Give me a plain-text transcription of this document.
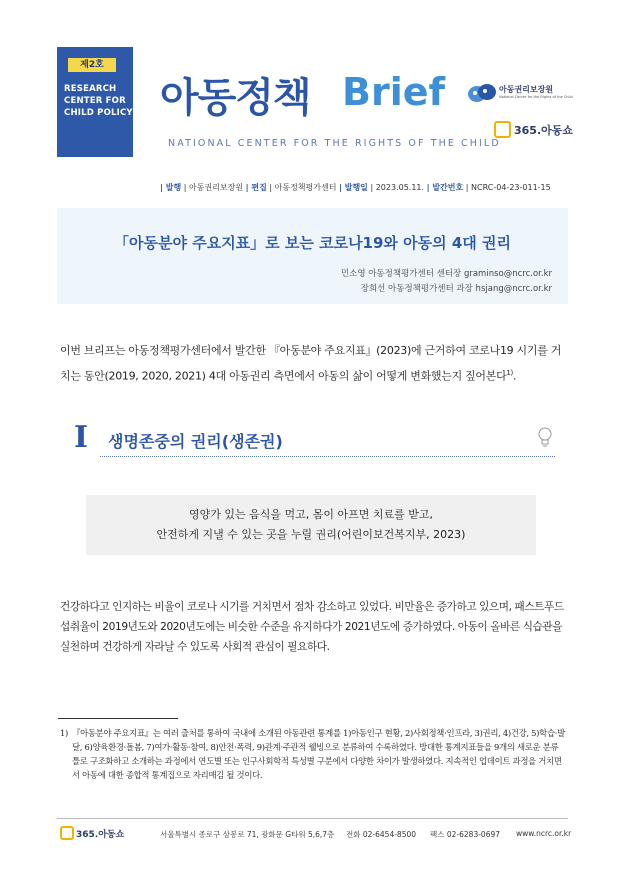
제2호
RESEARCH
CENTER FOR
CHILD POLICY 아동정책 Brief
NATIONAL CENTER FOR THE RIGHTS OF THE CHILD
아동권리보장원
National Center for the Rights of the Child
365.아동쇼
| 발행 | 아동권리보장원 | 편집 | 아동정책평가센터 | 발행일 | 2023.05.11. | 발간번호 | NCRC-04-23-011-15
「아동분야 주요지표」로 보는 코로나19와 아동의 4대 권리
민소영 아동정책평가센터 센터장 graminso@ncrc.or.kr
장희선 아동정책평가센터 과장 hsjang@ncrc.or.kr
이번 브리프는 아동정책평가센터에서 발간한 『아동분야 주요지표』(2023)에 근거하여 코로나19 시기를 거치는 동안(2019, 2020, 2021) 4대 아동권리 측면에서 아동의 삶이 어떻게 변화했는지 짚어본다$^{1)}$.
I 생명존중의 권리(생존권)
영양가 있는 음식을 먹고, 몸이 아프면 치료를 받고,
안전하게 지낼 수 있는 곳을 누릴 권리(어린이보건복지부, 2023)
건강하다고 인지하는 비율이 코로나 시기를 거치면서 점차 감소하고 있었다. 비만율은 증가하고 있으며, 패스트푸드 섭취율이 2019년도와 2020년도에는 비슷한 수준을 유지하다가 2021년도에 증가하였다. 아동이 올바른 식습관을 실천하며 건강하게 자라날 수 있도록 사회적 관심이 필요하다.
1) 『아동분야 주요지표』는 여러 출처를 통하여 국내에 소개된 아동관련 통계를 1)아동인구 현황, 2)사회정책·인프라, 3)권리, 4)건강, 5)학습·발달, 6)양육환경·돌봄, 7)여가·활동·참여, 8)안전·폭력, 9)관계·주관적 웰빙으로 분류하여 수록하였다. 방대한 통계지표들을 9개의 새로운 분류틀로 구조화하고 소개하는 과정에서 연도별 또는 인구사회학적 특성별 구분에서 다양한 차이가 발생하였다. 지속적인 업데이트 과정을 거치면서 아동에 대한 종합적 통계집으로 자리매김 될 것이다.
365.아동쇼	서울특별시 종로구 삼봉로 71, 광화문 G타워 5,6,7층 전화 02-6454-8500 팩스 02-6283-0697 www.ncrc.or.kr
